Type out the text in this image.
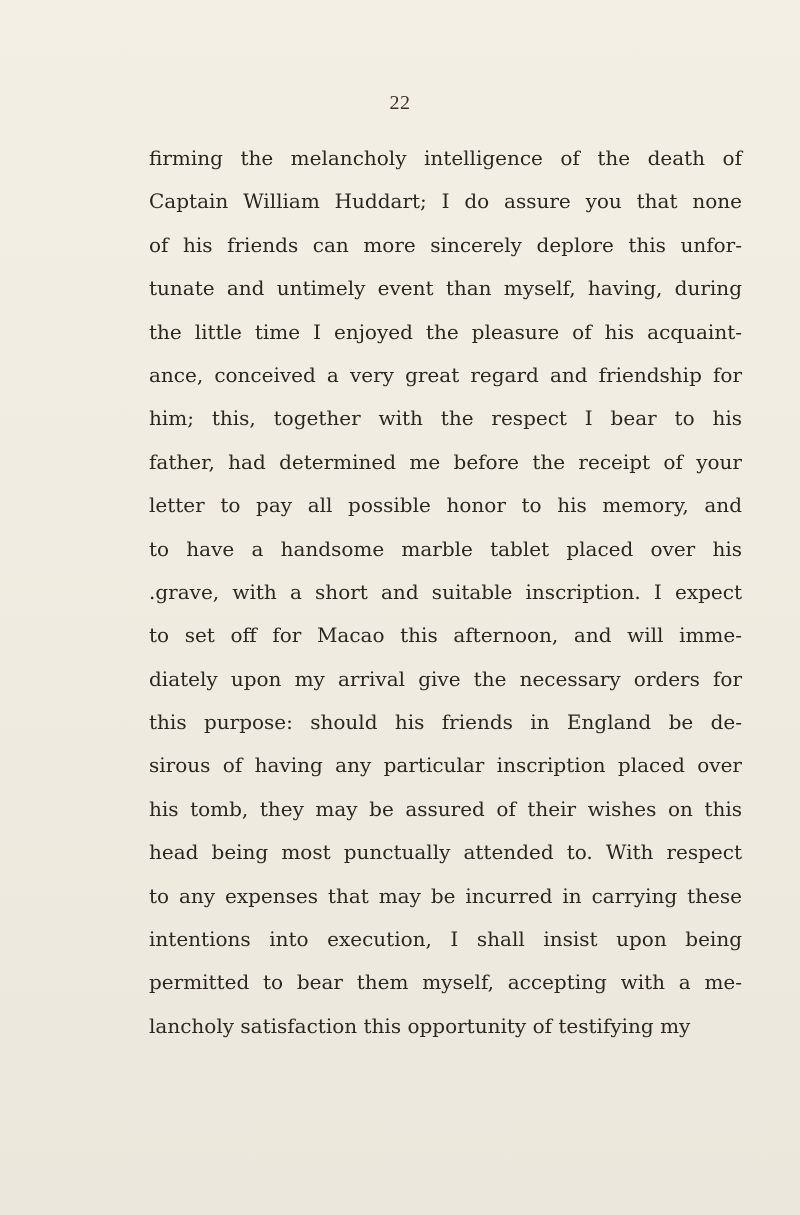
22
firming the melancholy intelligence of the death of
Captain William Huddart; I do assure you that none
of his friends can more sincerely deplore this unfor-
tunate and untimely event than myself, having, during
the little time I enjoyed the pleasure of his acquaint-
ance, conceived a very great regard and friendship for
him; this, together with the respect I bear to his
father, had determined me before the receipt of your
letter to pay all possible honor to his memory, and
to have a handsome marble tablet placed over his
.grave, with a short and suitable inscription. I expect
to set off for Macao this afternoon, and will imme-
diately upon my arrival give the necessary orders for
this purpose: should his friends in England be de-
sirous of having any particular inscription placed over
his tomb, they may be assured of their wishes on this
head being most punctually attended to. With respect
to any expenses that may be incurred in carrying these
intentions into execution, I shall insist upon being
permitted to bear them myself, accepting with a me-
lancholy satisfaction this opportunity of testifying my
